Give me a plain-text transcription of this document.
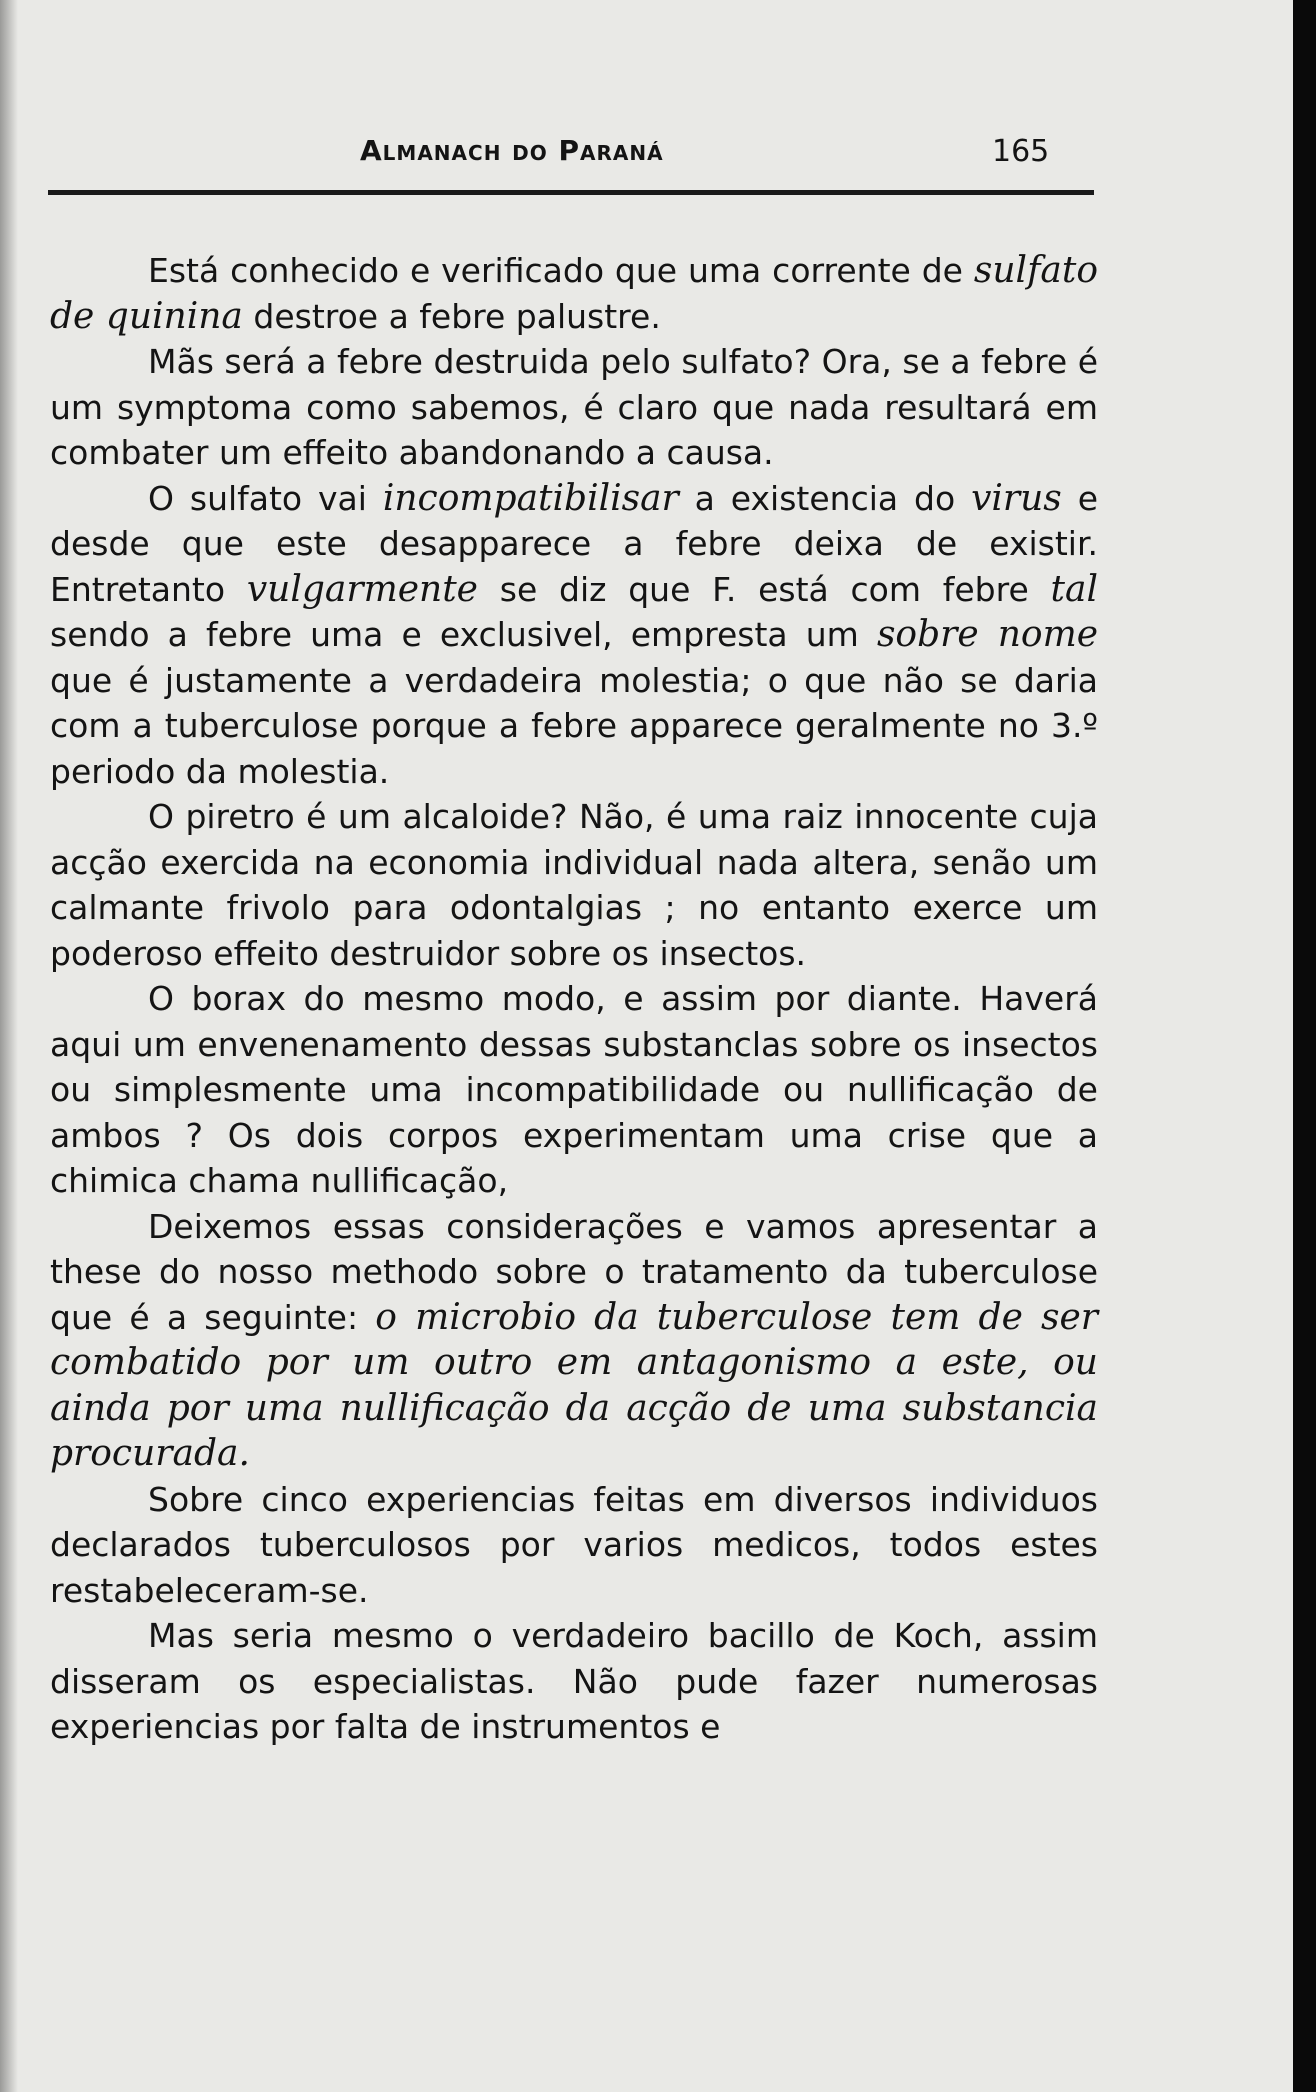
Almanach do Paraná	165

Está conhecido e verificado que uma corrente de sulfato de quinina destroe a febre palustre.

Mãs será a febre destruida pelo sulfato? Ora, se a febre é um symptoma como sabemos, é claro que nada resultará em combater um effeito abandonando a causa.

O sulfato vai incompatibilisar a existencia do virus e desde que este desapparece a febre deixa de existir. Entretanto vulgarmente se diz que F. está com febre tal sendo a febre uma e exclusivel, empresta um sobre nome que é justamente a verdadeira molestia; o que não se daria com a tuberculose porque a febre apparece geralmente no 3.º periodo da molestia.

O piretro é um alcaloide? Não, é uma raiz innocente cuja acção exercida na economia individual nada altera, senão um calmante frivolo para odontalgias ; no entanto exerce um poderoso effeito destruidor sobre os insectos.

O borax do mesmo modo, e assim por diante. Haverá aqui um envenenamento dessas substanclas sobre os insectos ou simplesmente uma incompatibilidade ou nullificação de ambos ? Os dois corpos experimentam uma crise que a chimica chama nullificação,

Deixemos essas considerações e vamos apresentar a these do nosso methodo sobre o tratamento da tuberculose que é a seguinte: o microbio da tuberculose tem de ser combatido por um outro em antagonismo a este, ou ainda por uma nullificação da acção de uma substancia procurada.

Sobre cinco experiencias feitas em diversos individuos declarados tuberculosos por varios medicos, todos estes restabeleceram-se.

Mas seria mesmo o verdadeiro bacillo de Koch, assim disseram os especialistas. Não pude fazer numerosas experiencias por falta de instrumentos e
